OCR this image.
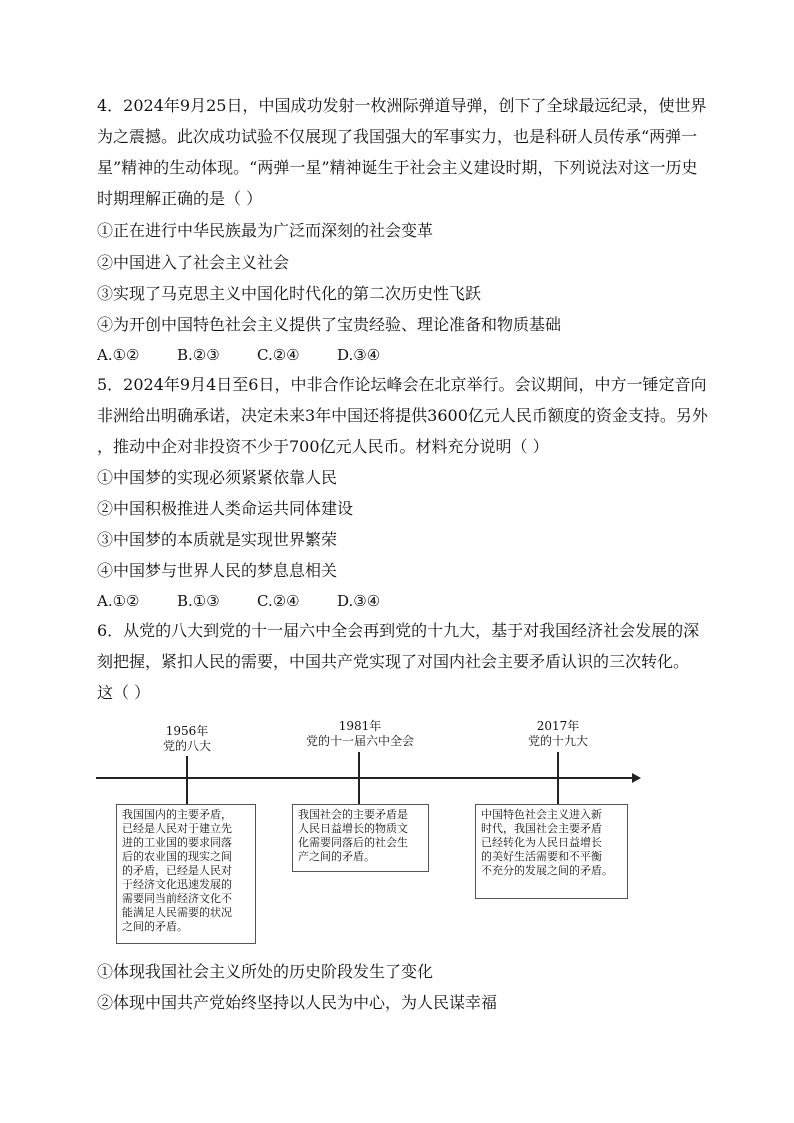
4．2024年9月25日，中国成功发射一枚洲际弹道导弹，创下了全球最远纪录，使世界
为之震撼。此次成功试验不仅展现了我国强大的军事实力，也是科研人员传承“两弹一
星”精神的生动体现。“两弹一星”精神诞生于社会主义建设时期，下列说法对这一历史
时期理解正确的是（ ）
①正在进行中华民族最为广泛而深刻的社会变革
②中国进入了社会主义社会
③实现了马克思主义中国化时代化的第二次历史性飞跃
④为开创中国特色社会主义提供了宝贵经验、理论准备和物质基础
A.①②	B.②③ C.②④ D.③④
5．2024年9月4日至6日，中非合作论坛峰会在北京举行。会议期间，中方一锤定音向
非洲给出明确承诺，决定未来3年中国还将提供3600亿元人民币额度的资金支持。另外
，推动中企对非投资不少于700亿元人民币。材料充分说明（ ）
①中国梦的实现必须紧紧依靠人民
②中国积极推进人类命运共同体建设
③中国梦的本质就是实现世界繁荣
④中国梦与世界人民的梦息息相关
A.①②	B.①③ C.②④ D.③④
6．从党的八大到党的十一届六中全会再到党的十九大，基于对我国经济社会发展的深
刻把握，紧扣人民的需要，中国共产党实现了对国内社会主要矛盾认识的三次转化。
这（ ）
1956年
党的八大
1981年
党的十一届六中全会
2017年
党的十九大
我国国内的主要矛盾，
已经是人民对于建立先
进的工业国的要求同落
后的农业国的现实之间
的矛盾，已经是人民对
于经济文化迅速发展的
需要同当前经济文化不
能满足人民需要的状况
之间的矛盾。
我国社会的主要矛盾是
人民日益增长的物质文
化需要同落后的社会生
产之间的矛盾。
中国特色社会主义进入新
时代，我国社会主要矛盾
已经转化为人民日益增长
的美好生活需要和不平衡
不充分的发展之间的矛盾。
①体现我国社会主义所处的历史阶段发生了变化
②体现中国共产党始终坚持以人民为中心，为人民谋幸福
